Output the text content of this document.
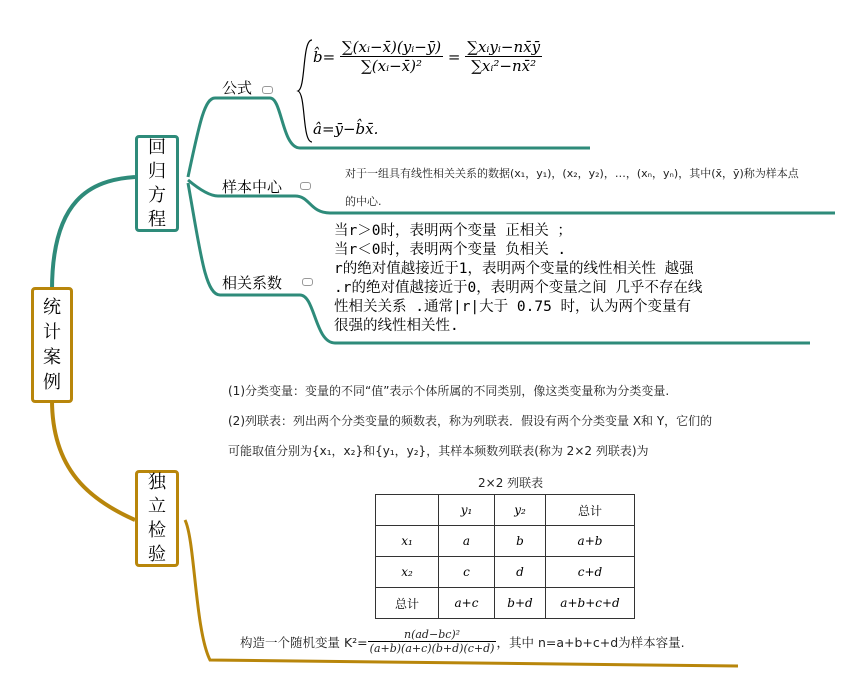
统计案例
回归方程
独立检验
公式
样本中心
相关系数
b̂= $\frac{\text{∑(xᵢ−x̄)(yᵢ−ȳ)}}{\text{∑(xᵢ−x̄)²}} = \frac{\text{∑xᵢyᵢ−nx̄ȳ}}{\text{∑xᵢ²−nx̄²}}$
â=ȳ−b̂x̄.
对于一组具有线性相关关系的数据(x₁，y₁)，(x₂，y₂)，…，(xₙ，yₙ)，其中(x̄，ȳ)称为样本点
的中心.
当r＞0时，表明两个变量 正相关 ；
当r＜0时，表明两个变量 负相关 .
r的绝对值越接近于1，表明两个变量的线性相关性 越强
.r的绝对值越接近于0，表明两个变量之间 几乎不存在线
性相关关系 .通常|r|大于 0.75 时，认为两个变量有
很强的线性相关性.
(1)分类变量：变量的不同“值”表示个体所属的不同类别，像这类变量称为分类变量.
(2)列联表：列出两个分类变量的频数表，称为列联表．假设有两个分类变量 X和 Y，它们的
可能取值分别为{x₁，x₂}和{y₁，y₂}，其样本频数列联表(称为 2×2 列联表)为
2×2 列联表
	y₁	y₂	总计
x₁	a	b	a+b
x₂	c	d	c+d
总计	a+c	b+d	a+b+c+d
构造一个随机变量 $K^2= \frac{\text{n(ad−bc)²}}{(a+b)(a+c)(b+d)(c+d)}$ ，其中 n=a+b+c+d为样本容量.
